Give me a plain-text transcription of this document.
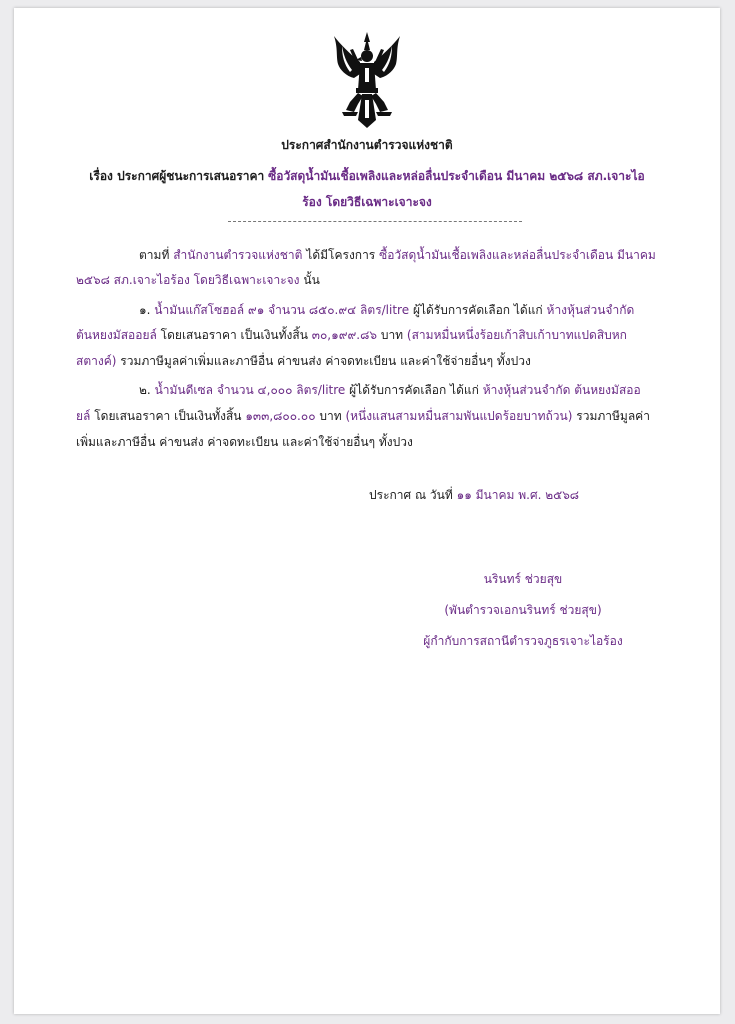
ประกาศสำนักงานตำรวจแห่งชาติ
เรื่อง ประกาศผู้ชนะการเสนอราคา ซื้อวัสดุน้ำมันเชื้อเพลิงและหล่อลื่นประจำเดือน มีนาคม ๒๕๖๘ สภ.เจาะไอ
ร้อง โดยวิธีเฉพาะเจาะจง
ตามที่ สำนักงานตำรวจแห่งชาติ ได้มีโครงการ ซื้อวัสดุน้ำมันเชื้อเพลิงและหล่อลื่นประจำเดือน มีนาคม
๒๕๖๘ สภ.เจาะไอร้อง โดยวิธีเฉพาะเจาะจง นั้น
๑. น้ำมันแก๊สโซฮอล์ ๙๑ จำนวน ๘๕๐.๙๔ ลิตร/litre ผู้ได้รับการคัดเลือก ได้แก่ ห้างหุ้นส่วนจำกัด
ต้นหยงมัสออยล์ โดยเสนอราคา เป็นเงินทั้งสิ้น ๓๐,๑๙๙.๘๖ บาท (สามหมื่นหนึ่งร้อยเก้าสิบเก้าบาทแปดสิบหก
สตางค์) รวมภาษีมูลค่าเพิ่มและภาษีอื่น ค่าขนส่ง ค่าจดทะเบียน และค่าใช้จ่ายอื่นๆ ทั้งปวง
๒. น้ำมันดีเซล จำนวน ๔,๐๐๐ ลิตร/litre ผู้ได้รับการคัดเลือก ได้แก่ ห้างหุ้นส่วนจำกัด ต้นหยงมัสออ
ยล์ โดยเสนอราคา เป็นเงินทั้งสิ้น ๑๓๓,๘๐๐.๐๐ บาท (หนึ่งแสนสามหมื่นสามพันแปดร้อยบาทถ้วน) รวมภาษีมูลค่า
เพิ่มและภาษีอื่น ค่าขนส่ง ค่าจดทะเบียน และค่าใช้จ่ายอื่นๆ ทั้งปวง
ประกาศ ณ วันที่ ๑๑ มีนาคม พ.ศ. ๒๕๖๘
นรินทร์ ช่วยสุข
(พันตำรวจเอกนรินทร์ ช่วยสุข)
ผู้กำกับการสถานีตำรวจภูธรเจาะไอร้อง
